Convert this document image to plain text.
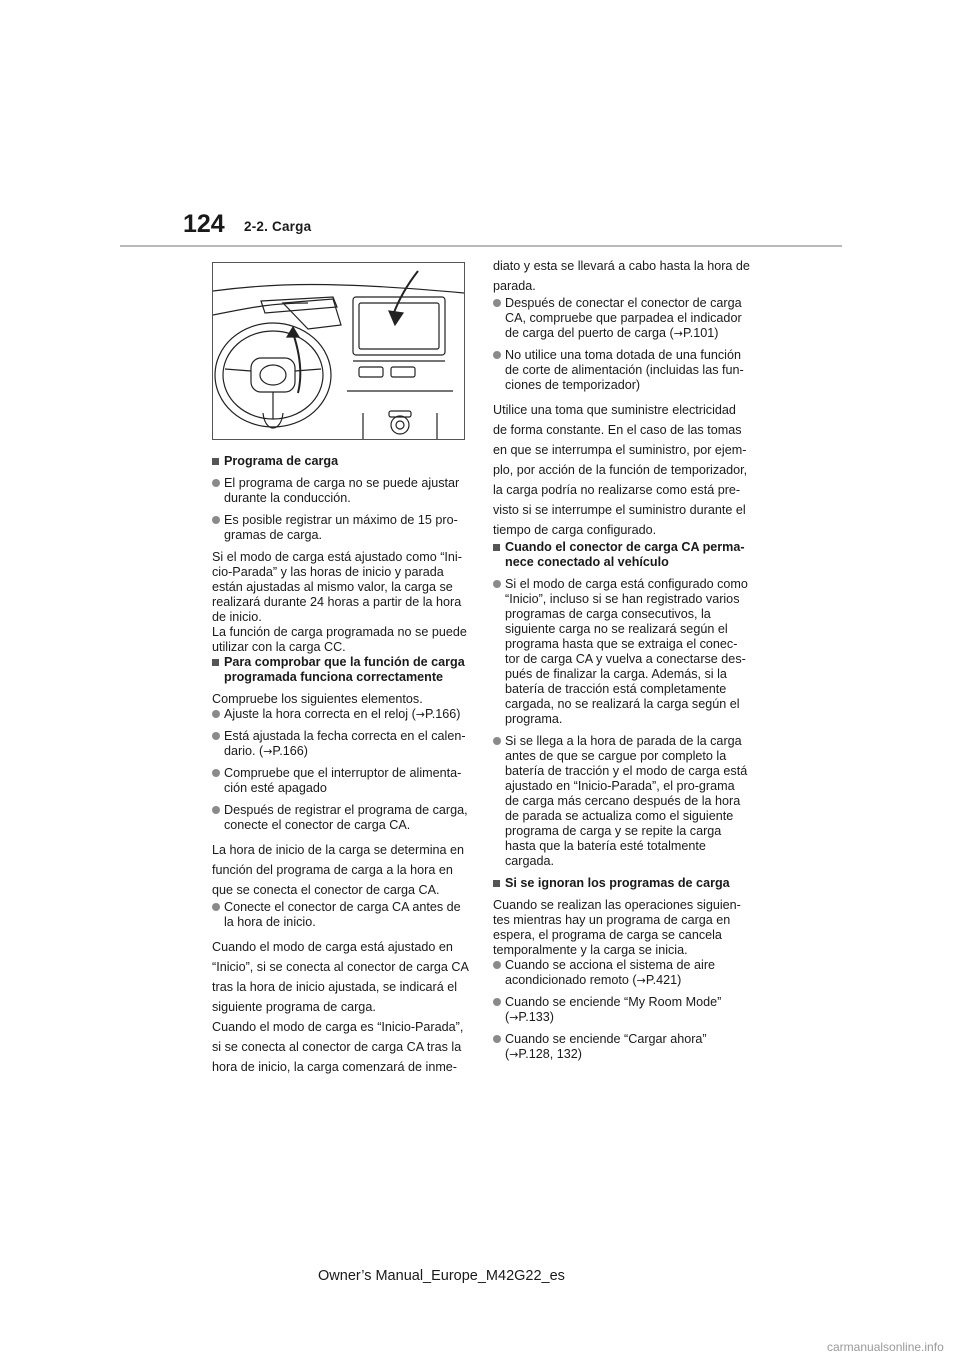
124 2-2. Carga
Programa de carga
El programa de carga no se puede ajustar durante la conducción.
Es posible registrar un máximo de 15 pro-gramas de carga.

Si el modo de carga está ajustado como “Ini-cio-Parada” y las horas de inicio y parada están ajustadas al mismo valor, la carga se realizará durante 24 horas a partir de la hora de inicio.

La función de carga programada no se puede utilizar con la carga CC.

Para comprobar que la función de carga programada funciona correctamente

Compruebe los siguientes elementos.

Ajuste la hora correcta en el reloj (→P.166)
Está ajustada la fecha correcta en el calen-dario. (→P.166)
Compruebe que el interruptor de alimenta-ción esté apagado
Después de registrar el programa de carga, conecte el conector de carga CA.

La hora de inicio de la carga se determina en función del programa de carga a la hora en que se conecta el conector de carga CA.

Conecte el conector de carga CA antes de la hora de inicio.

Cuando el modo de carga está ajustado en “Inicio”, si se conecta al conector de carga CA tras la hora de inicio ajustada, se indicará el siguiente programa de carga.

Cuando el modo de carga es “Inicio-Parada”, si se conecta al conector de carga CA tras la hora de inicio, la carga comenzará de inme-

diato y esta se llevará a cabo hasta la hora de parada.

Después de conectar el conector de carga CA, compruebe que parpadea el indicador de carga del puerto de carga (→P.101)
No utilice una toma dotada de una función de corte de alimentación (incluidas las fun-ciones de temporizador)

Utilice una toma que suministre electricidad de forma constante. En el caso de las tomas en que se interrumpa el suministro, por ejem-plo, por acción de la función de temporizador, la carga podría no realizarse como está pre-visto si se interrumpe el suministro durante el tiempo de carga configurado.

Cuando el conector de carga CA perma-nece conectado al vehículo
Si el modo de carga está configurado como “Inicio”, incluso si se han registrado varios programas de carga consecutivos, la siguiente carga no se realizará según el programa hasta que se extraiga el conec-tor de carga CA y vuelva a conectarse des-pués de finalizar la carga. Además, si la batería de tracción está completamente cargada, no se realizará la carga según el programa.
Si se llega a la hora de parada de la carga antes de que se cargue por completo la batería de tracción y el modo de carga está ajustado en “Inicio-Parada”, el pro-grama de carga más cercano después de la hora de parada se actualiza como el siguiente programa de carga y se repite la carga hasta que la batería esté totalmente cargada.
Si se ignoran los programas de carga

Cuando se realizan las operaciones siguien-tes mientras hay un programa de carga en espera, el programa de carga se cancela temporalmente y la carga se inicia.

Cuando se acciona el sistema de aire acondicionado remoto (→P.421)
Cuando se enciende “My Room Mode” (→P.133)
Cuando se enciende “Cargar ahora” (→P.128, 132)
Owner’s Manual_Europe_M42G22_es
carmanualsonline.info
